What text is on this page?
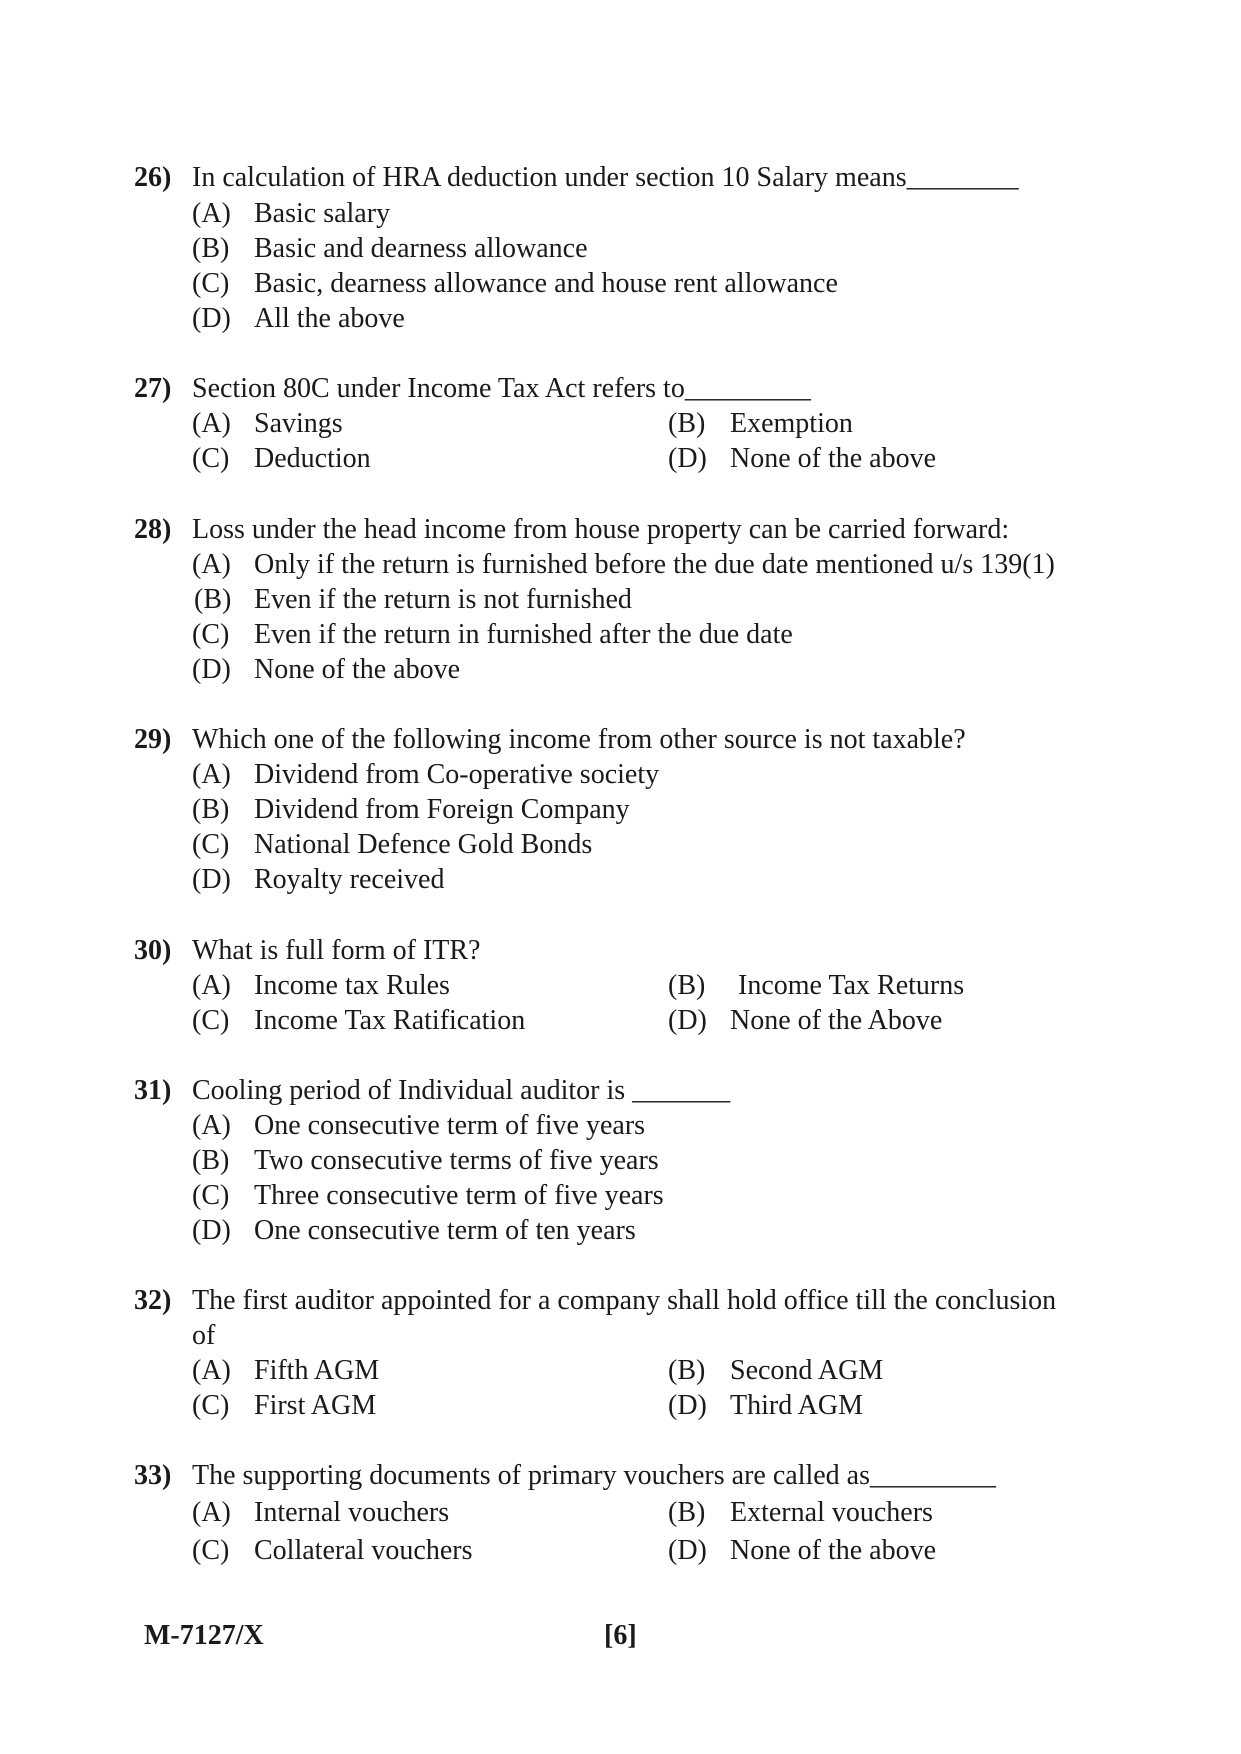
26) In calculation of HRA deduction under section 10 Salary means________
(A) Basic salary
(B) Basic and dearness allowance
(C) Basic, dearness allowance and house rent allowance
(D) All the above
27) Section 80C under Income Tax Act refers to_________
(A) Savings	(B) Exemption
(C) Deduction	(D) None of the above
28) Loss under the head income from house property can be carried forward:
(A) Only if the return is furnished before the due date mentioned u/s 139(1)
(B) Even if the return is not furnished
(C) Even if the return in furnished after the due date
(D) None of the above
29) Which one of the following income from other source is not taxable?
(A) Dividend from Co-operative society
(B) Dividend from Foreign Company
(C) National Defence Gold Bonds
(D) Royalty received
30) What is full form of ITR?
(A) Income tax Rules	(B) Income Tax Returns
(C) Income Tax Ratification	(D) None of the Above
31) Cooling period of Individual auditor is _______
(A) One consecutive term of five years
(B) Two consecutive terms of five years
(C) Three consecutive term of five years
(D) One consecutive term of ten years
32) The first auditor appointed for a company shall hold office till the conclusion
of
(A) Fifth AGM	(B) Second AGM
(C) First AGM	(D) Third AGM
33) The supporting documents of primary vouchers are called as_________
(A) Internal vouchers	(B) External vouchers
(C) Collateral vouchers	(D) None of the above
M-7127/X	[6]
